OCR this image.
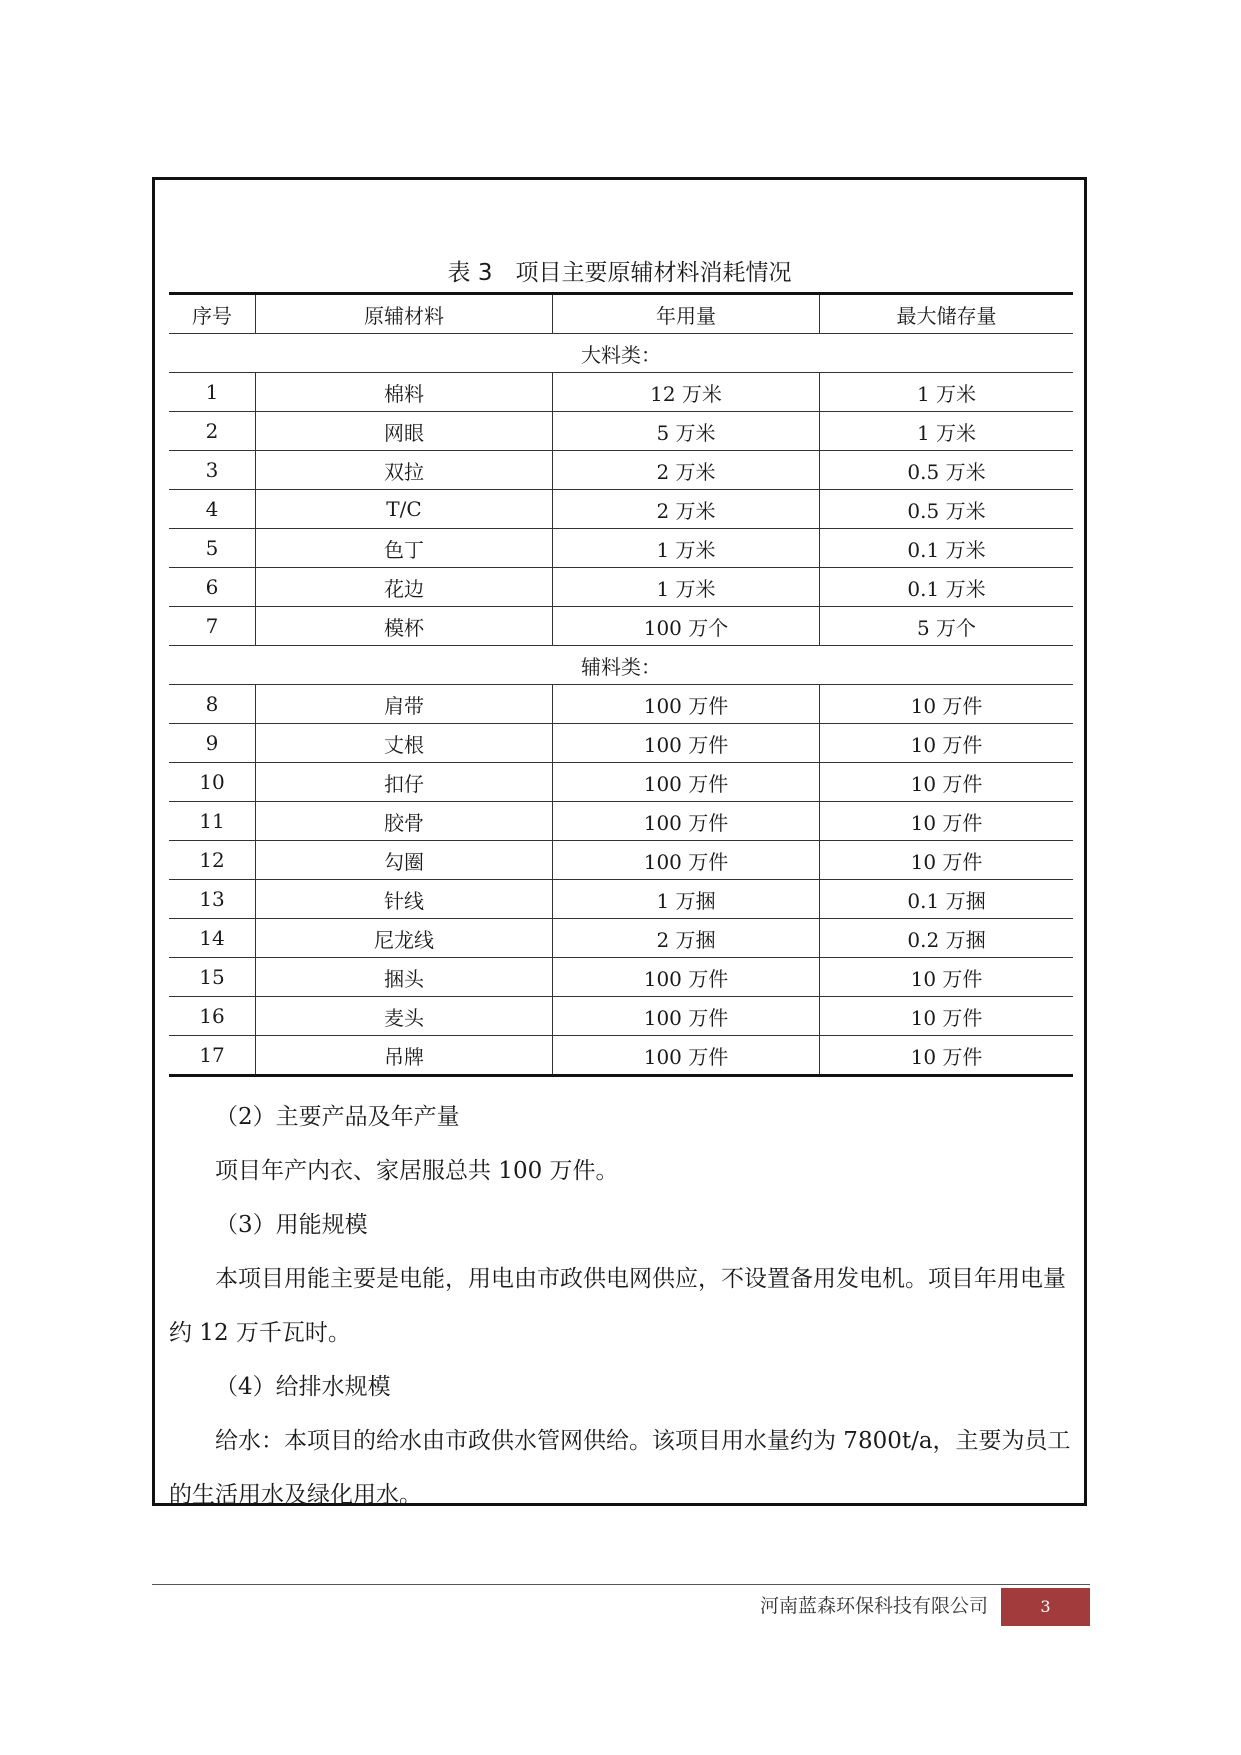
表 3　项目主要原辅材料消耗情况
序号	原辅材料	年用量	最大储存量
大料类：			
1	棉料	12 万米	1 万米
2	网眼	5 万米	1 万米
3	双拉	2 万米	0.5 万米
4	T/C	2 万米	0.5 万米
5	色丁	1 万米	0.1 万米
6	花边	1 万米	0.1 万米
7	模杯	100 万个	5 万个
辅料类：			
8	肩带	100 万件	10 万件
9	丈根	100 万件	10 万件
10	扣仔	100 万件	10 万件
11	胶骨	100 万件	10 万件
12	勾圈	100 万件	10 万件
13	针线	1 万捆	0.1 万捆
14	尼龙线	2 万捆	0.2 万捆
15	捆头	100 万件	10 万件
16	麦头	100 万件	10 万件
17	吊牌	100 万件	10 万件

（2）主要产品及年产量

项目年产内衣、家居服总共 100 万件。

（3）用能规模

本项目用能主要是电能，用电由市政供电网供应，不设置备用发电机。项目年用电量约 12 万千瓦时。

（4）给排水规模

给水：本项目的给水由市政供水管网供给。该项目用水量约为 7800t/a，主要为员工的生活用水及绿化用水。

河南蓝森环保科技有限公司	3
